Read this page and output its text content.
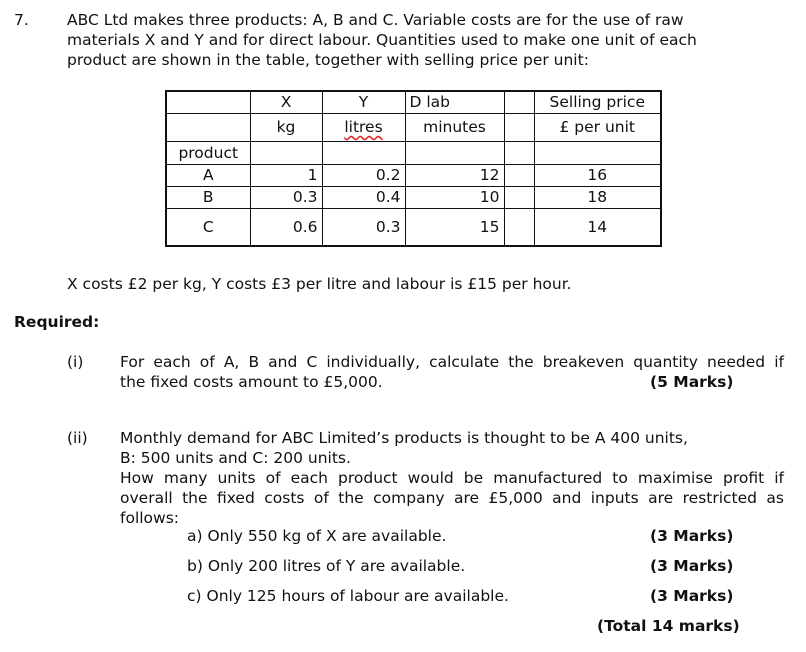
7. ABC Ltd makes three products: A, B and C. Variable costs are for the use of raw
materials X and Y and for direct labour. Quantities used to make one unit of each
product are shown in the table, together with selling price per unit:
	X	Y	D lab		Selling price
	kg	litres	minutes		£ per unit
product					
A	1	0.2	12		16
B	0.3	0.4	10		18
C	0.6	0.3	15		14
X costs £2 per kg, Y costs £3 per litre and labour is £15 per hour.
Required:
(i) For each of A, B and C individually, calculate the breakeven quantity needed if
the fixed costs amount to £5,000.	(5 Marks)
(ii) Monthly demand for ABC Limited’s products is thought to be A 400 units,
B: 500 units and C: 200 units.
How many units of each product would be manufactured to maximise profit if
overall the fixed costs of the company are £5,000 and inputs are restricted as
follows:
a) Only 550 kg of X are available.	(3 Marks)
b) Only 200 litres of Y are available.	(3 Marks)
c) Only 125 hours of labour are available.	(3 Marks)
(Total 14 marks)
